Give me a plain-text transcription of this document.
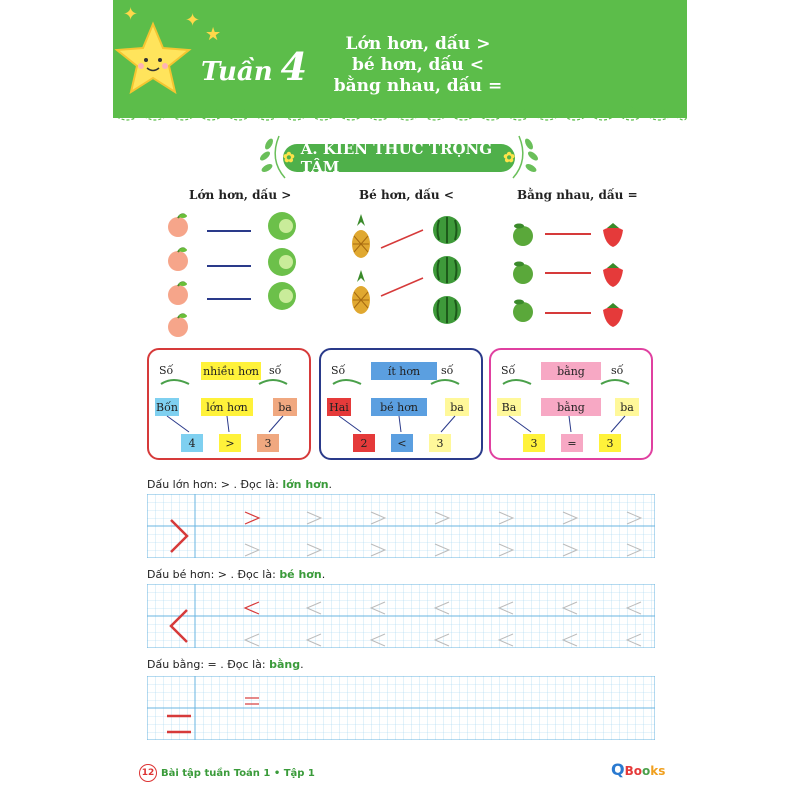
✦	✦
★
Tuần 4	Lớn hơn, dấu >
bé hơn, dấu <
bằng nhau, dấu =
✿ A. KIẾN THỨC TRỌNG TÂM	✿
Lớn hơn, dấu >	Bé hơn, dấu <	Bằng nhau, dấu =
Số	nhiều hơn số
Bốn	lớn hơn	ba
4	>	3
Số	ít hơn	số
Hai	bé hơn	ba
2	<	3
Số	bằng	số
Ba	bằng	ba
3	=	3
Dấu lớn hơn: > . Đọc là: lớn hơn.
Dấu bé hơn: > . Đọc là: bé hơn.
Dấu bằng: = . Đọc là: bằng.
12 Bài tập tuần Toán 1 • Tập 1	QBooks
